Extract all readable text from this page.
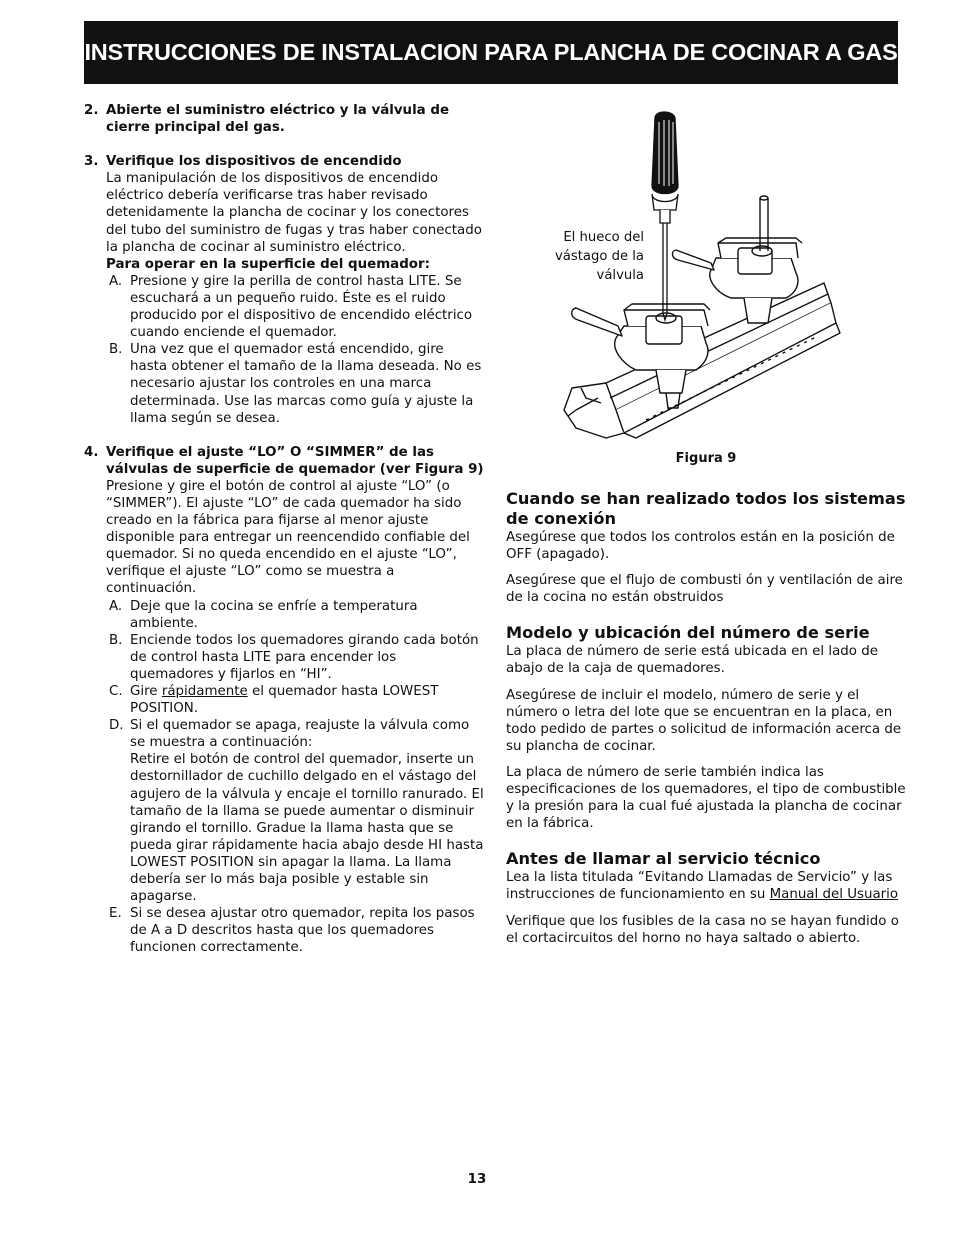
INSTRUCCIONES DE INSTALACION PARA PLANCHA DE COCINAR A GAS
2. Abierte el suministro eléctrico y la válvula de cierre principal del gas.

3. Verifique los dispositivos de encendido

La manipulación de los dispositivos de encendido eléctrico debería verificarse tras haber revisado detenidamente la plancha de cocinar y los conectores del tubo del suministro de fugas y tras haber conectado la plancha de cocinar al suministro eléctrico.

Para operar en la superficie del quemador:

A. Presione y gire la perilla de control hasta LITE. Se escuchará a un pequeño ruido. Éste es el ruido producido por el dispositivo de encendido eléctrico cuando enciende el quemador.

B. Una vez que el quemador está encendido, gire hasta obtener el tamaño de la llama deseada. No es necesario ajustar los controles en una marca determinada. Use las marcas como guía y ajuste la llama según se desea.

4. Verifique el ajuste “LO” O “SIMMER” de las válvulas de superficie de quemador (ver Figura 9)

Presione y gire el botón de control al ajuste “LO” (o “SIMMER”). El ajuste “LO” de cada quemador ha sido creado en la fábrica para fijarse al menor ajuste disponible para entregar un reencendido confiable del quemador. Si no queda encendido en el ajuste “LO”, verifique el ajuste “LO” como se muestra a continuación.

A. Deje que la cocina se enfríe a temperatura ambiente.

B. Enciende todos los quemadores girando cada botón de control hasta LITE para encender los quemadores y fijarlos en “HI”.

C. Gire rápidamente el quemador hasta LOWEST POSITION.

D. Si el quemador se apaga, reajuste la válvula como se muestra a continuación:

Retire el botón de control del quemador, inserte un destornillador de cuchillo delgado en el vástago del agujero de la válvula y encaje el tornillo ranurado. El tamaño de la llama se puede aumentar o disminuir girando el tornillo. Gradue la llama hasta que se pueda girar rápidamente hacia abajo desde HI hasta LOWEST POSITION sin apagar la llama. La llama debería ser lo más baja posible y estable sin apagarse.

E. Si se desea ajustar otro quemador, repita los pasos de A a D descritos hasta que los quemadores funcionen correctamente.

El hueco del
vástago de la
válvula
Figura 9
Cuando se han realizado todos los sistemas de conexión

Asegúrese que todos los controlos están en la posición de OFF (apagado).

Asegúrese que el flujo de combusti ón y ventilación de aire de la cocina no están obstruidos

Modelo y ubicación del número de serie

La placa de número de serie está ubicada en el lado de abajo de la caja de quemadores.

Asegúrese de incluir el modelo, número de serie y el número o letra del lote que se encuentran en la placa, en todo pedido de partes o solicitud de información acerca de su plancha de cocinar.

La placa de número de serie también indica las especificaciones de los quemadores, el tipo de combustible y la presión para la cual fué ajustada la plancha de cocinar en la fábrica.

Antes de llamar al servicio técnico

Lea la lista titulada “Evitando Llamadas de Servicio” y las instrucciones de funcionamiento en su Manual del Usuario

Verifique que los fusibles de la casa no se hayan fundido o el cortacircuitos del horno no haya saltado o abierto.

13
